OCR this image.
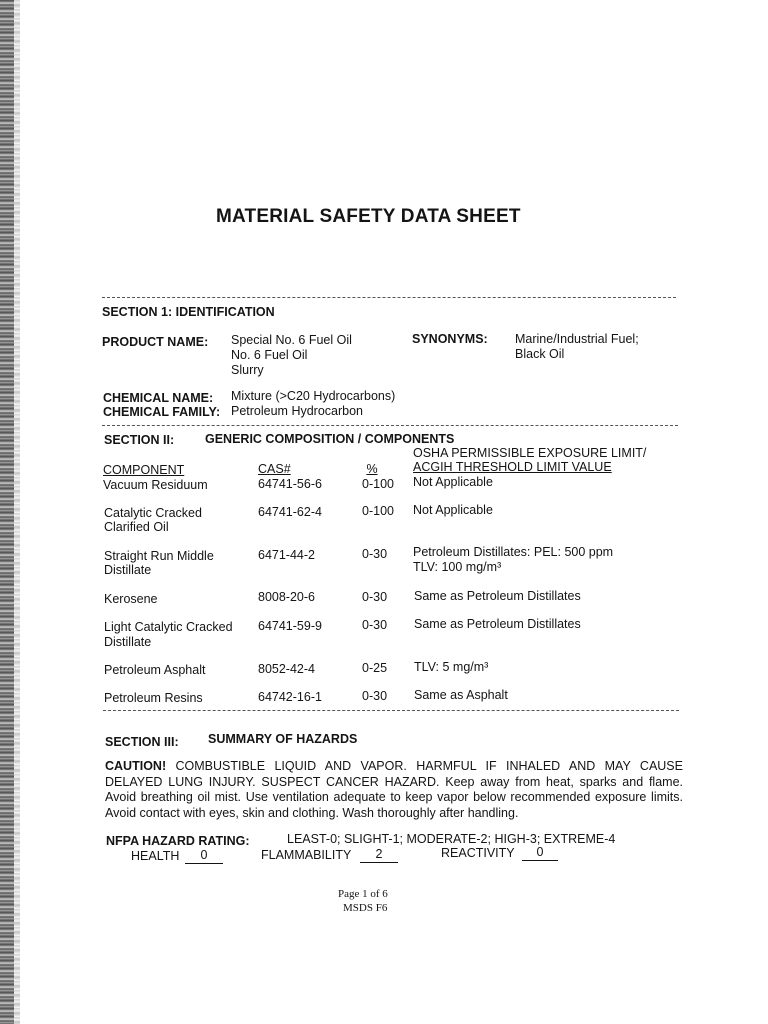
MATERIAL SAFETY DATA SHEET
SECTION 1: IDENTIFICATION
PRODUCT NAME: Special No. 6 Fuel Oil
No. 6 Fuel Oil
Slurry
SYNONYMS: Marine/Industrial Fuel;
Black Oil
CHEMICAL NAME: Mixture (>C20 Hydrocarbons)
CHEMICAL FAMILY: Petroleum Hydrocarbon
SECTION II: GENERIC COMPOSITION / COMPONENTS
OSHA PERMISSIBLE EXPOSURE LIMIT/
COMPONENT	CAS#	%	ACGIH THRESHOLD LIMIT VALUE
Vacuum Residuum	64741-56-6	0-100 Not Applicable
Catalytic Cracked
Clarified Oil
64741-62-4	0-100 Not Applicable
Straight Run Middle
Distillate
6471-44-2	0-30 Petroleum Distillates: PEL: 500 ppm
TLV: 100 mg/m³
Kerosene	8008-20-6	0-30 Same as Petroleum Distillates
Light Catalytic Cracked
Distillate
64741-59-9	0-30 Same as Petroleum Distillates
Petroleum Asphalt	8052-42-4	0-25 TLV: 5 mg/m³
Petroleum Resins	64742-16-1	0-30 Same as Asphalt
SECTION III: SUMMARY OF HAZARDS
CAUTION! COMBUSTIBLE LIQUID AND VAPOR. HARMFUL IF INHALED AND MAY CAUSE DELAYED LUNG INJURY. SUSPECT CANCER HAZARD. Keep away from heat, sparks and flame. Avoid breathing oil mist. Use ventilation adequate to keep vapor below recommended exposure limits. Avoid contact with eyes, skin and clothing. Wash thoroughly after handling.
NFPA HAZARD RATING:	LEAST-0; SLIGHT-1; MODERATE-2; HIGH-3; EXTREME-4
HEALTH	0	FLAMMABILITY	2	REACTIVITY	0
Page 1 of 6
MSDS F6
